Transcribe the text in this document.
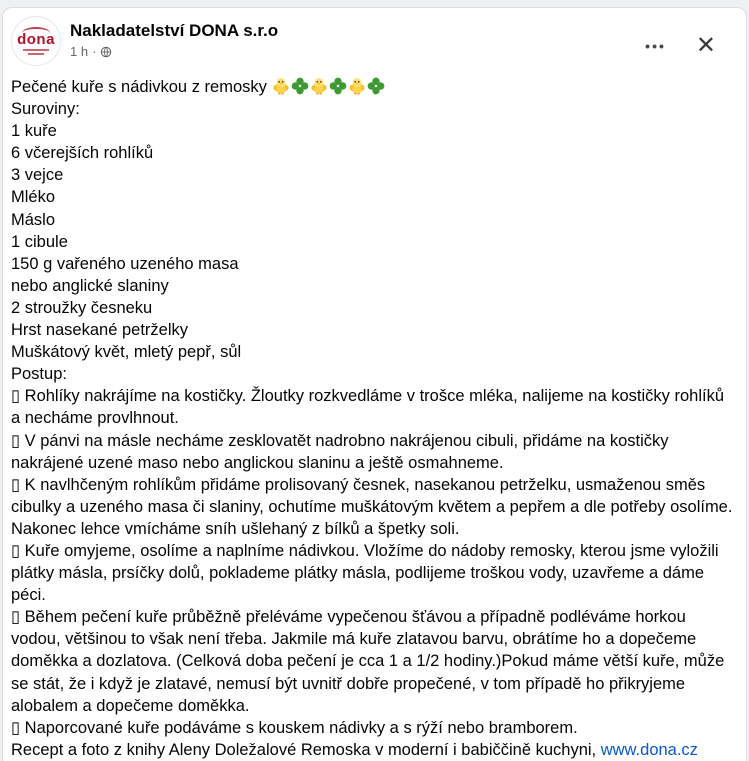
dona Nakladatelství DONA s.r.o
1 h ·	•••	✕
Pečené kuře s nádivkou z remosky
Suroviny:
1 kuře
6 včerejších rohlíků
3 vejce
Mléko
Máslo
1 cibule
150 g vařeného uzeného masa
nebo anglické slaniny
2 stroužky česneku
Hrst nasekané petrželky
Muškátový květ, mletý pepř, sůl
Postup:
▯ Rohlíky nakrájíme na kostičky. Žloutky rozkvedláme v trošce mléka, nalijeme na kostičky rohlíků a necháme provlhnout.
▯ V pánvi na másle necháme zesklovatět nadrobno nakrájenou cibuli, přidáme na kostičky nakrájené uzené maso nebo anglickou slaninu a ještě osmahneme.
▯ K navlhčeným rohlíkům přidáme prolisovaný česnek, nasekanou petrželku, usmaženou směs cibulky a uzeného masa či slaniny, ochutíme muškátovým květem a pepřem a dle potřeby osolíme. Nakonec lehce vmícháme sníh ušlehaný z bílků a špetky soli.
▯ Kuře omyjeme, osolíme a naplníme nádivkou. Vložíme do nádoby remosky, kterou jsme vyložili plátky másla, prsíčky dolů, poklademe plátky másla, podlijeme troškou vody, uzavřeme a dáme péci.
▯ Během pečení kuře průběžně přeléváme vypečenou šťávou a případně podléváme horkou vodou, většinou to však není třeba. Jakmile má kuře zlatavou barvu, obrátíme ho a dopečeme doměkka a dozlatova. (Celková doba pečení je cca 1 a 1/2 hodiny.)Pokud máme větší kuře, může se stát, že i když je zlatavé, nemusí být uvnitř dobře propečené, v tom případě ho přikryjeme alobalem a dopečeme doměkka.
▯ Naporcované kuře podáváme s kouskem nádivky a s rýží nebo bramborem.
Recept a foto z knihy Aleny Doležalové Remoska v moderní i babiččině kuchyni, www.dona.cz
